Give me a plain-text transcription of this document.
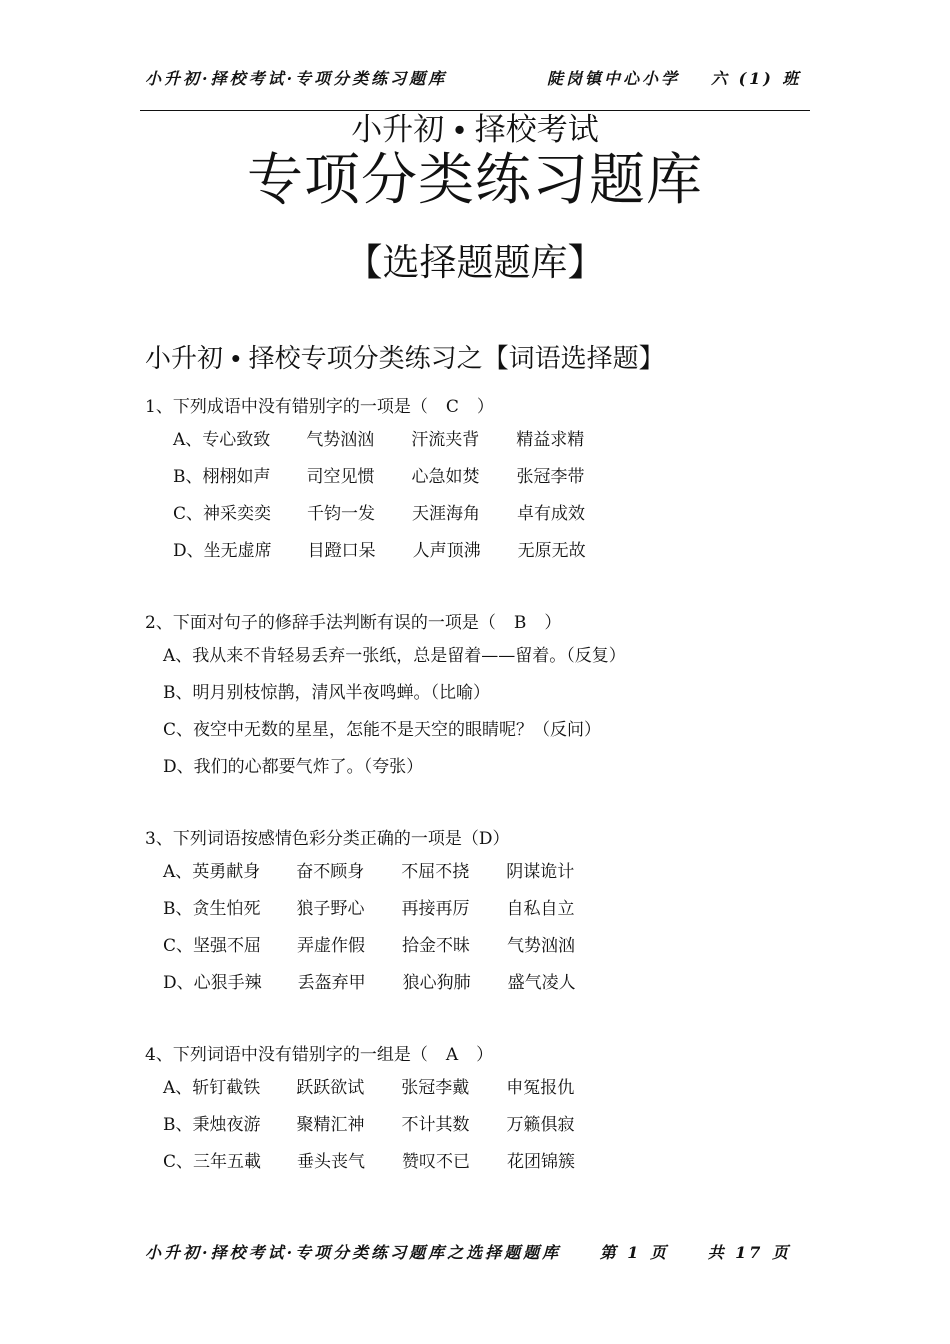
小升初·择校考试·专项分类练习题库	陡岗镇中心小学 六 (1) 班
小升初 • 择校考试
专项分类练习题库
【选择题题库】
小升初 • 择校专项分类练习之【词语选择题】
1、下列成语中没有错别字的一项是（ C ）
A、专心致致 气势汹汹 汗流夹背 精益求精
B、栩栩如声 司空见惯 心急如焚 张冠李带
C、神采奕奕 千钧一发 天涯海角 卓有成效
D、坐无虚席 目蹬口呆 人声顶沸 无原无故
2、下面对句子的修辞手法判断有误的一项是（ B ）
A、我从来不肯轻易丢弃一张纸，总是留着——留着。（反复）
B、明月别枝惊鹊，清风半夜鸣蝉。（比喻）
C、夜空中无数的星星，怎能不是天空的眼睛呢？（反问）
D、我们的心都要气炸了。（夸张）
3、下列词语按感情色彩分类正确的一项是（D）
A、英勇献身 奋不顾身 不屈不挠 阴谋诡计
B、贪生怕死 狼子野心 再接再厉 自私自立
C、坚强不屈 弄虚作假 拾金不昧 气势汹汹
D、心狠手辣 丢盔弃甲 狼心狗肺 盛气凌人
4、下列词语中没有错别字的一组是（ A ）
A、斩钉截铁 跃跃欲试 张冠李戴 申冤报仇
B、秉烛夜游 聚精汇神 不计其数 万籁俱寂
C、三年五載 垂头丧气 赞叹不已 花团锦簇
小升初·择校考试·专项分类练习题库之选择题题库 第 1 页 共 17 页
